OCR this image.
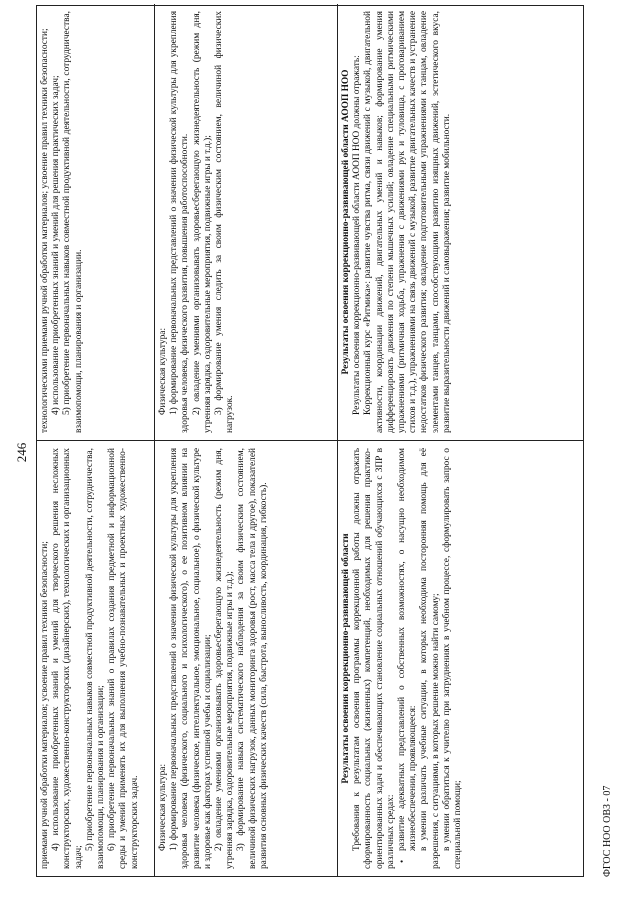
246

приемами ручной обработки материалов; усвоение правил техники безопасности; 4) использование приобретенных знаний и умений для творческого решения несложных конструкторских, художественно-конструкторских (дизайнерских), технологических и организационных задач;

5) приобретение первоначальных навыков совместной продуктивной деятельности, сотрудничества, взаимопомощи, планирования и организации; 6) приобретение первоначальных знаний о правилах создания предметной и информационной среды и умений применять их для выполнения учебно-познавательных и проектных художественно-конструкторских задач. Физическая культура: 1) формирование первоначальных представлений о значении физической культуры для укрепления здоровья человека (физического, социального и психологического), о ее позитивном влиянии на развитие человека (физическое, интеллектуальное, эмоциональное, социальное), о физической культуре и здоровье как факторах успешной учебы и социализации; 2) овладение умениями организовывать здоровьесберегающую жизнедеятельность (режим дня, утренняя зарядка, оздоровительные мероприятия, подвижные игры и т.д.); 3) формирование навыка систематического наблюдения за своим физическим состоянием, величиной физических нагрузок, данных мониторинга здоровья (рост, масса тела и другое), показателей развития основных физических качеств (сила, быстрота, выносливость, координация, гибкость).	Результаты освоения коррекционно-развивающей области Требования к результатам освоения программы коррекционной работы должны отражать сформированность социальных (жизненных) компетенций, необходимых для решения практико-ориентированных задач и обеспечивающих становление социальных отношений обучающихся с ЗПР в различных средах: •
развитие адекватных представлений о собственных возможностях, о насущно необходимом жизнеобеспечении, проявляющееся: в умении различать учебные ситуации, в которых необходима посторонняя помощь для её разрешения, с ситуациями, в которых решение можно найти самому; в умении обратиться к учителю при затруднениях в учебном процессе, сформулировать запрос о специальной помощи;

технологическими приемами ручной обработки материалов; усвоение правил техники безопасности; 4) использование приобретенных знаний и умений для решения практических задач; 5) приобретение первоначальных навыков совместной продуктивной деятельности, сотрудничества, взаимопомощи, планирования и организации.	Физическая культура: 1) формирование первоначальных представлений о значении физической культуры для укрепления здоровья человека, физического развития, повышения работоспособности. 2) овладение умениями организовывать здоровьесберегающую жизнедеятельность (режим дня, утренняя зарядка, оздоровительные мероприятия, подвижные игры и т.д.); 3) формирование умения следить за своим физическим состоянием, величиной физических нагрузок.

Результаты освоения коррекционно-развивающей области АООП НОО Результаты освоения коррекционно-развивающей области АООП НОО должны отражать: Коррекционный курс «Ритмика»: развитие чувства ритма, связи движений с музыкой, двигательной активности, координации движений, двигательных умений и навыков; формирование умения дифференцировать движения по степени мышечных усилий; овладение специальными ритмическими упражнениями (ритмичная ходьба, упражнения с движениями рук и туловища, с проговариванием стихов и т.д.), упражнениями на связь движений с музыкой, развитие двигательных качеств и устранение недостатков физического развития; овладение подготовительными упражнениями к танцам, овладение элементами танцев, танцами, способствующими развитию изящных движений, эстетического вкуса, развитие выразительности движений и самовыражения; развитие мобильности.

ФГОС НОО ОВЗ - 07
